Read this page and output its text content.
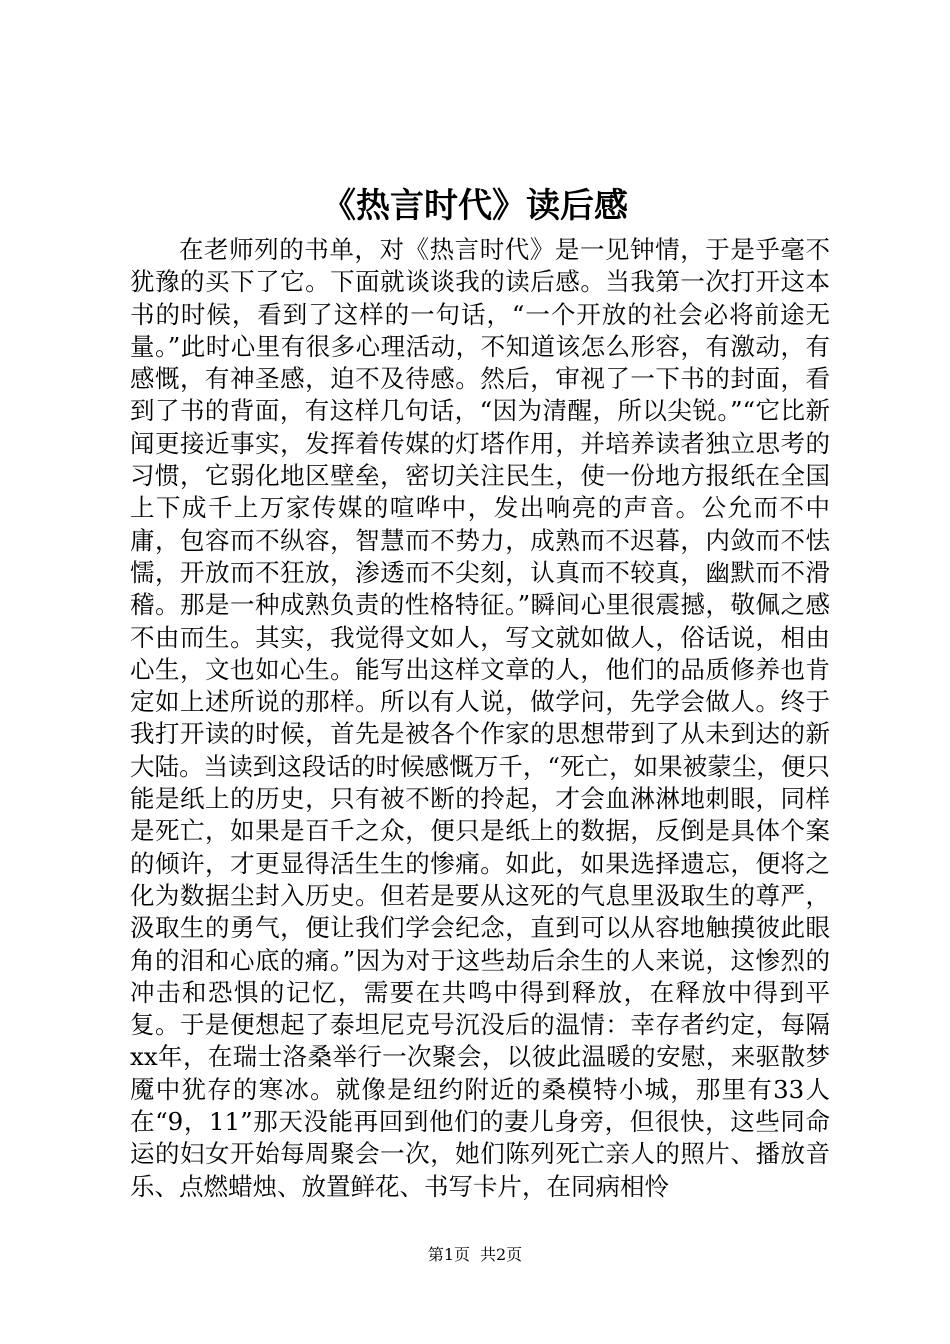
《热言时代》读后感

在老师列的书单，对《热言时代》是一见钟情，于是乎毫不犹豫的买下了它。下面就谈谈我的读后感。当我第一次打开这本书的时候，看到了这样的一句话，“一个开放的社会必将前途无量。”此时心里有很多心理活动，不知道该怎么形容，有激动，有感慨，有神圣感，迫不及待感。然后，审视了一下书的封面，看到了书的背面，有这样几句话，“因为清醒，所以尖锐。”“它比新闻更接近事实，发挥着传媒的灯塔作用，并培养读者独立思考的习惯，它弱化地区壁垒，密切关注民生，使一份地方报纸在全国上下成千上万家传媒的喧哗中，发出响亮的声音。公允而不中庸，包容而不纵容，智慧而不势力，成熟而不迟暮，内敛而不怯懦，开放而不狂放，渗透而不尖刻，认真而不较真，幽默而不滑稽。那是一种成熟负责的性格特征。”瞬间心里很震撼，敬佩之感不由而生。其实，我觉得文如人，写文就如做人，俗话说，相由心生，文也如心生。能写出这样文章的人，他们的品质修养也肯定如上述所说的那样。所以有人说，做学问，先学会做人。终于我打开读的时候，首先是被各个作家的思想带到了从未到达的新大陆。当读到这段话的时候感慨万千，“死亡，如果被蒙尘，便只能是纸上的历史，只有被不断的拎起，才会血淋淋地刺眼，同样是死亡，如果是百千之众，便只是纸上的数据，反倒是具体个案的倾许，才更显得活生生的惨痛。如此，如果选择遗忘，便将之化为数据尘封入历史。但若是要从这死的气息里汲取生的尊严，汲取生的勇气，便让我们学会纪念，直到可以从容地触摸彼此眼角的泪和心底的痛。”因为对于这些劫后余生的人来说，这惨烈的冲击和恐惧的记忆，需要在共鸣中得到释放，在释放中得到平复。于是便想起了泰坦尼克号沉没后的温情：幸存者约定，每隔xx年，在瑞士洛桑举行一次聚会，以彼此温暖的安慰，来驱散梦魇中犹存的寒冰。就像是纽约附近的桑模特小城，那里有33人在“9，11”那天没能再回到他们的妻儿身旁，但很快，这些同命运的妇女开始每周聚会一次，她们陈列死亡亲人的照片、播放音乐、点燃蜡烛、放置鲜花、书写卡片，在同病相怜

第1页 共2页
